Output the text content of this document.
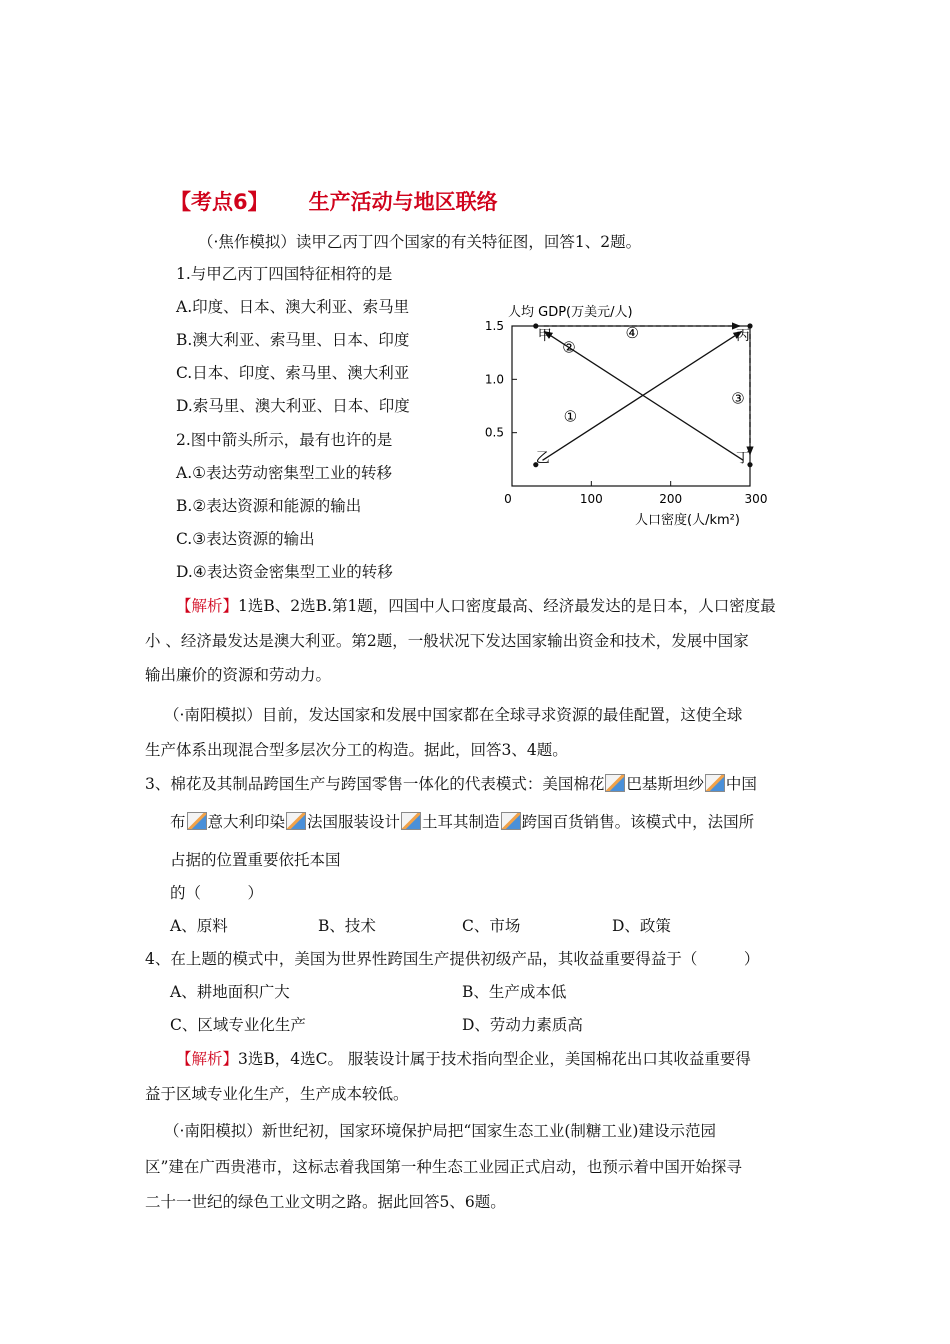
【考点6】 生产活动与地区联络
（·焦作模拟）读甲乙丙丁四个国家的有关特征图，回答1、2题。
1.与甲乙丙丁四国特征相符的是
A.印度、日本、澳大利亚、索马里
B.澳大利亚、索马里、日本、印度
C.日本、印度、索马里、澳大利亚
D.索马里、澳大利亚、日本、印度
2.图中箭头所示，最有也许的是
A.①表达劳动密集型工业的转移
B.②表达资源和能源的输出
C.③表达资源的输出
D.④表达资金密集型工业的转移
人均 GDP(万美元/人)
0.5
1.0
1.5
0	100	200	300
①
②
③
④
甲
乙
丙
丁
人口密度(人/km²)
【解析】1选B、2选B.第1题，四国中人口密度最高、经济最发达的是日本，人口密度最
小 、经济最发达是澳大利亚。第2题，一般状况下发达国家输出资金和技术，发展中国家
输出廉价的资源和劳动力。
（·南阳模拟）目前，发达国家和发展中国家都在全球寻求资源的最佳配置，这使全球
生产体系出现混合型多层次分工的构造。据此，回答3、4题。
3、棉花及其制品跨国生产与跨国零售一体化的代表模式：美国棉花 巴基斯坦纱 中国
布 意大利印染 法国服装设计 土耳其制造 跨国百货销售。该模式中，法国所
占据的位置重要依托本国
的（　　　）
A、原料	B、技术	C、市场	D、政策
4、在上题的模式中，美国为世界性跨国生产提供初级产品，其收益重要得益于（　　　）
A、耕地面积广大	B、生产成本低
C、区域专业化生产	D、劳动力素质高
【解析】3选B，4选C。 服装设计属于技术指向型企业，美国棉花出口其收益重要得
益于区域专业化生产，生产成本较低。
（·南阳模拟）新世纪初，国家环境保护局把“国家生态工业(制糖工业)建设示范园
区”建在广西贵港市，这标志着我国第一种生态工业园正式启动，也预示着中国开始探寻
二十一世纪的绿色工业文明之路。据此回答5、6题。
